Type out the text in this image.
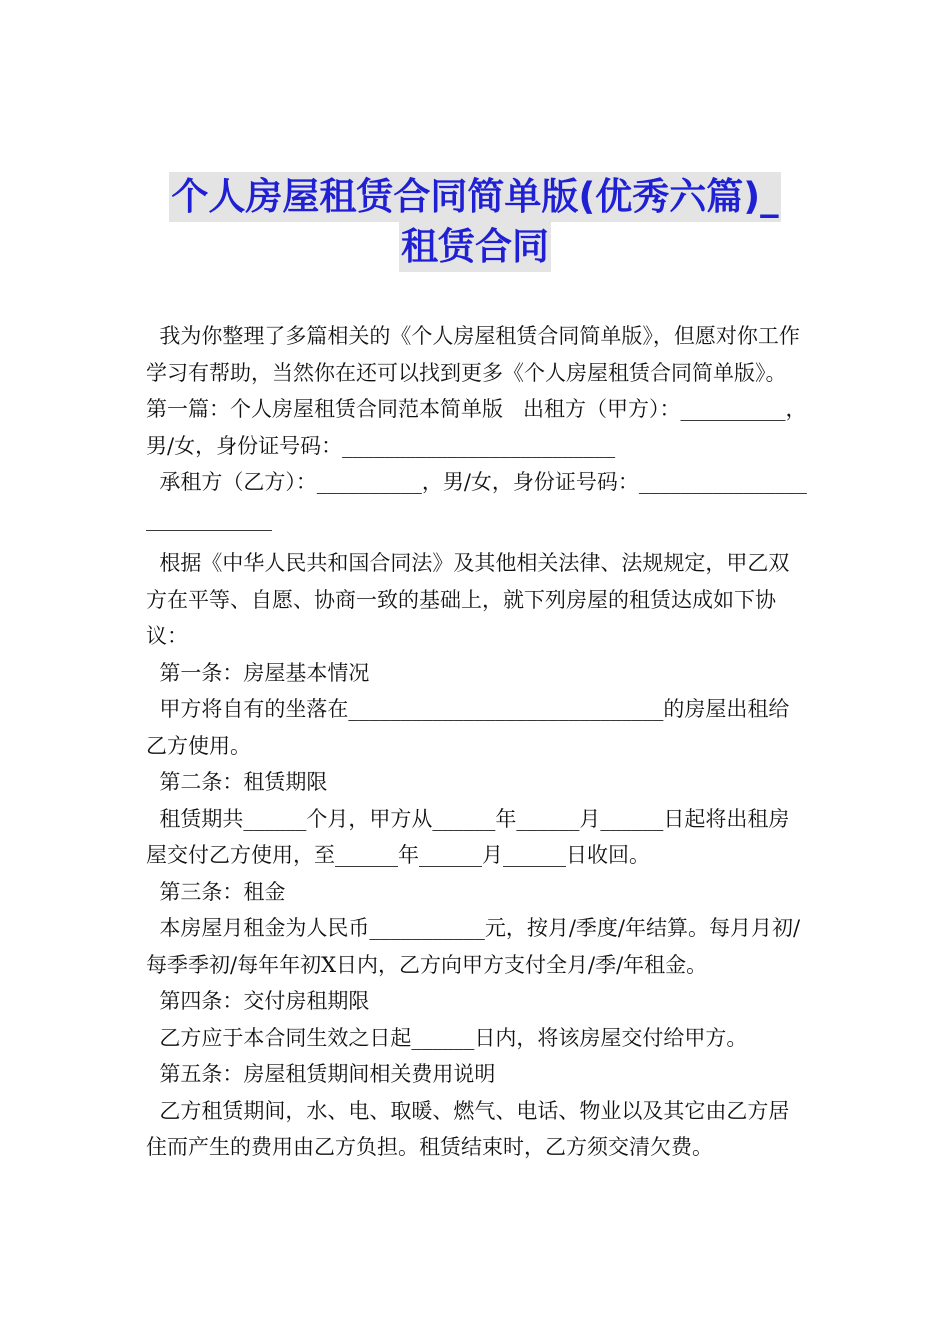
个人房屋租赁合同简单版(优秀六篇)_
租赁合同

我为你整理了多篇相关的《个人房屋租赁合同简单版》，但愿对你工作学习有帮助，当然你在还可以找到更多《个人房屋租赁合同简单版》。

第一篇：个人房屋租赁合同范本简单版   出租方（甲方）：__________，男/女，身份证号码：__________________________

承租方（乙方）：__________，男/女，身份证号码：____________________________

根据《中华人民共和国合同法》及其他相关法律、法规规定，甲乙双方在平等、自愿、协商一致的基础上，就下列房屋的租赁达成如下协议：

第一条：房屋基本情况

甲方将自有的坐落在______________________________的房屋出租给乙方使用。

第二条：租赁期限

租赁期共______个月，甲方从______年______月______日起将出租房屋交付乙方使用，至______年______月______日收回。

第三条：租金

本房屋月租金为人民币___________元，按月/季度/年结算。每月月初/每季季初/每年年初X日内，乙方向甲方支付全月/季/年租金。

第四条：交付房租期限

乙方应于本合同生效之日起______日内，将该房屋交付给甲方。

第五条：房屋租赁期间相关费用说明

乙方租赁期间，水、电、取暖、燃气、电话、物业以及其它由乙方居住而产生的费用由乙方负担。租赁结束时，乙方须交清欠费。
